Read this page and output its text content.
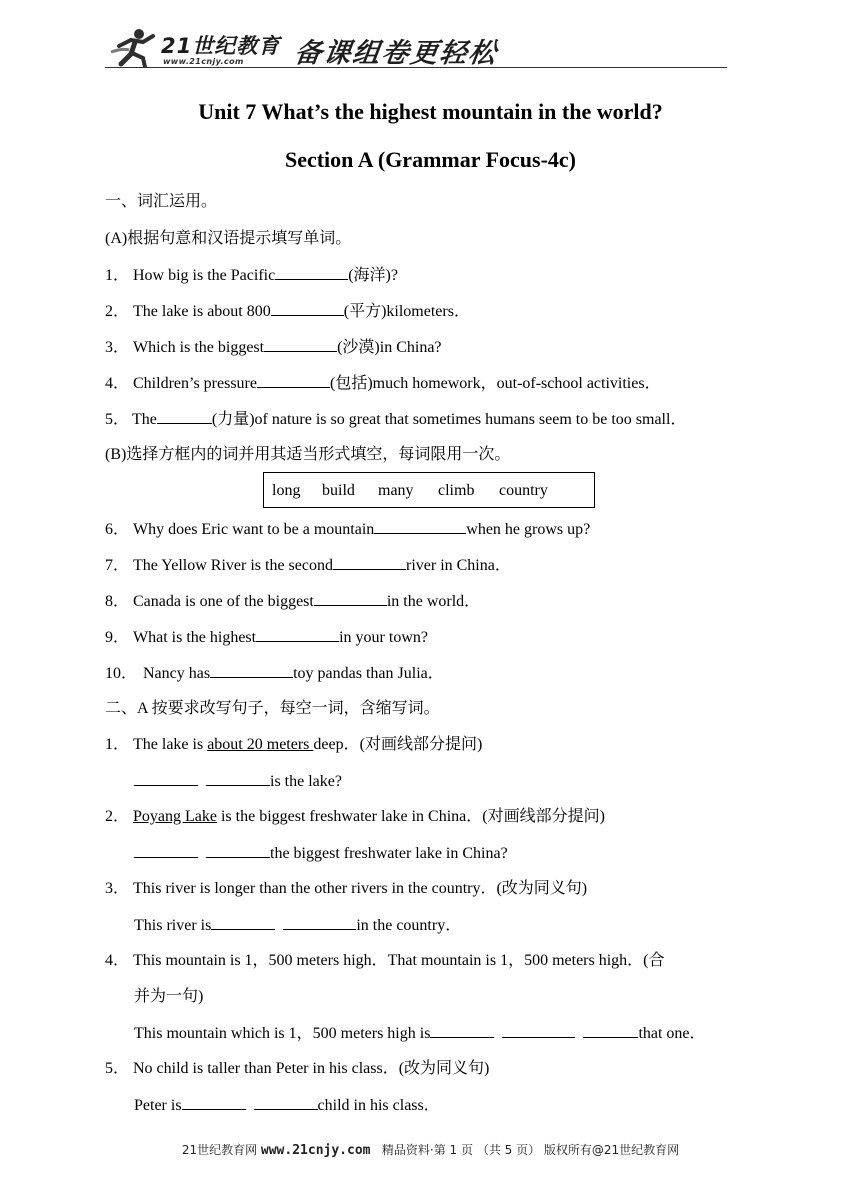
21世纪教育
www.21cnjy.com 备课组卷更轻松
Unit 7 What’s the highest mountain in the world?
Section A (Grammar Focus-4c)
一、词汇运用。
(A)根据句意和汉语提示填写单词。
1． How big is the Pacific	(海洋)?
2． The lake is about 800	(平方)kilometers．
3． Which is the biggest	(沙漠)in China?
4． Children’s pressure	(包括)much homework，out-of-school activities．
5． The	(力量)of nature is so great that sometimes humans seem to be too small．
(B)选择方框内的词并用其适当形式填空，每词限用一次。
long build many climb country
6． Why does Eric want to be a mountain	when he grows up?
7． The Yellow River is the second	river in China．
8． Canada is one of the biggest	in the world．
9． What is the highest	in your town?
10． Nancy has	toy pandas than Julia．
二、A 按要求改写句子，每空一词，含缩写词。
1． The lake is about 20 meters deep．(对画线部分提问)
is the lake?
2． Poyang Lake is the biggest freshwater lake in China．(对画线部分提问)
the biggest freshwater lake in China?
3． This river is longer than the other rivers in the country．(改为同义句)
This river is	in the country．
4． This mountain is 1，500 meters high．That mountain is 1，500 meters high．(合
并为一句)
This mountain which is 1，500 meters high is	that one．
5． No child is taller than Peter in his class．(改为同义句)
Peter is	child in his class．
21世纪教育网 www.21cnjy.com   精品资料·第 1 页 （共 5 页） 版权所有@21世纪教育网
